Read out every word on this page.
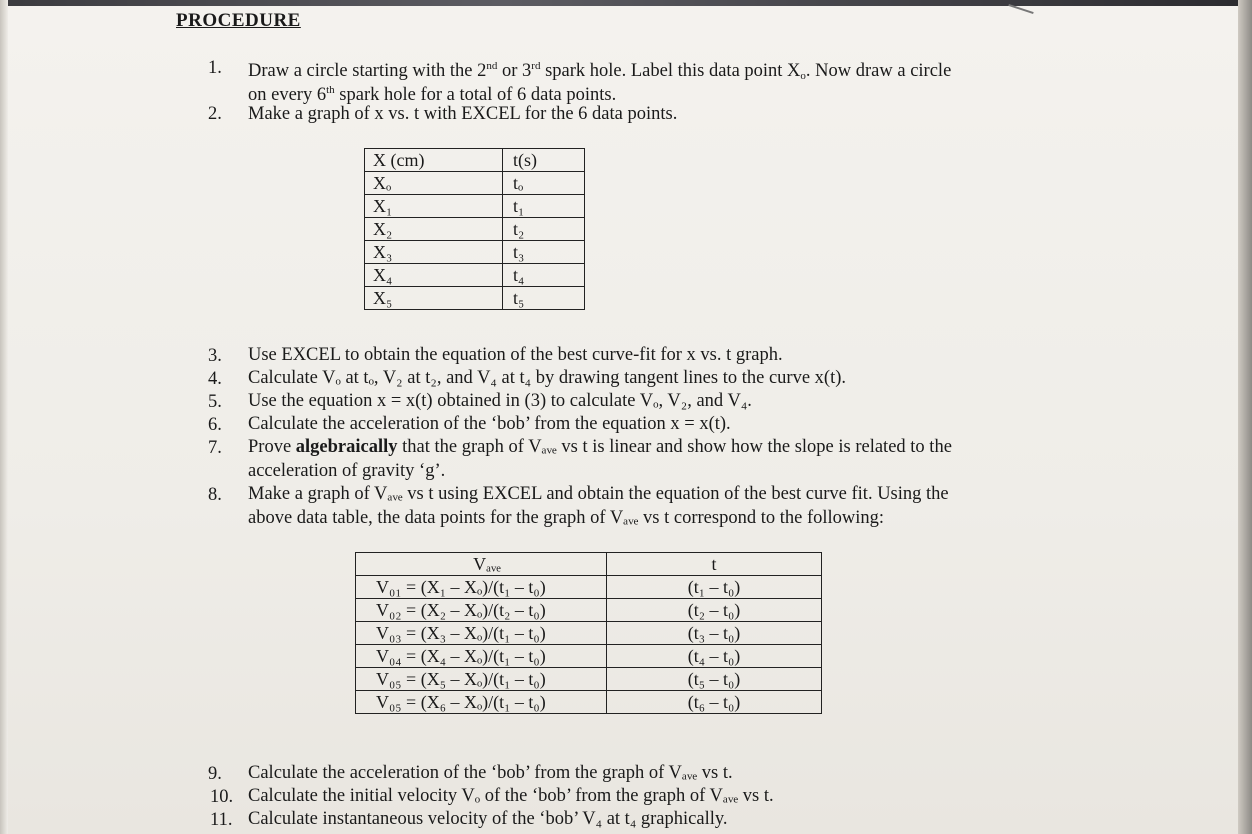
PROCEDURE
1. Draw a circle starting with the 2nd or 3rd spark hole. Label this data point $X_o$. Now draw a circle
on every 6th spark hole for a total of 6 data points.
2. Make a graph of x vs. t with EXCEL for the 6 data points.
X (cm)	t(s)
Xₒ	tₒ
X₁	t₁
X₂	t₂
X₃	t₃
X₄	t₄
X₅	t₅
3. Use EXCEL to obtain the equation of the best curve-fit for x vs. t graph.
4. Calculate Vₒ at tₒ, V₂ at t₂, and V₄ at t₄ by drawing tangent lines to the curve x(t).
5. Use the equation x = x(t) obtained in (3) to calculate Vₒ, V₂, and V₄.
6. Calculate the acceleration of the ‘bob’ from the equation x = x(t).
7. Prove algebraically that the graph of Vₐᵥₑ vs t is linear and show how the slope is related to the
acceleration of gravity ‘g’.
8. Make a graph of Vₐᵥₑ vs t using EXCEL and obtain the equation of the best curve fit. Using the
above data table, the data points for the graph of Vₐᵥₑ vs t correspond to the following:
Vₐᵥₑ	t
V₀₁ = (X₁ – Xₒ)/(t₁ – t₀)	(t₁ – t₀)
V₀₂ = (X₂ – Xₒ)/(t₂ – t₀)	(t₂ – t₀)
V₀₃ = (X₃ – Xₒ)/(t₁ – t₀)	(t₃ – t₀)
V₀₄ = (X₄ – Xₒ)/(t₁ – t₀)	(t₄ – t₀)
V₀₅ = (X₅ – Xₒ)/(t₁ – t₀)	(t₅ – t₀)
V₀₅ = (X₆ – Xₒ)/(t₁ – t₀)	(t₆ – t₀)
9. Calculate the acceleration of the ‘bob’ from the graph of Vₐᵥₑ vs t.
10. Calculate the initial velocity Vₒ of the ‘bob’ from the graph of Vₐᵥₑ vs t.
11. Calculate instantaneous velocity of the ‘bob’ V₄ at t₄ graphically.
